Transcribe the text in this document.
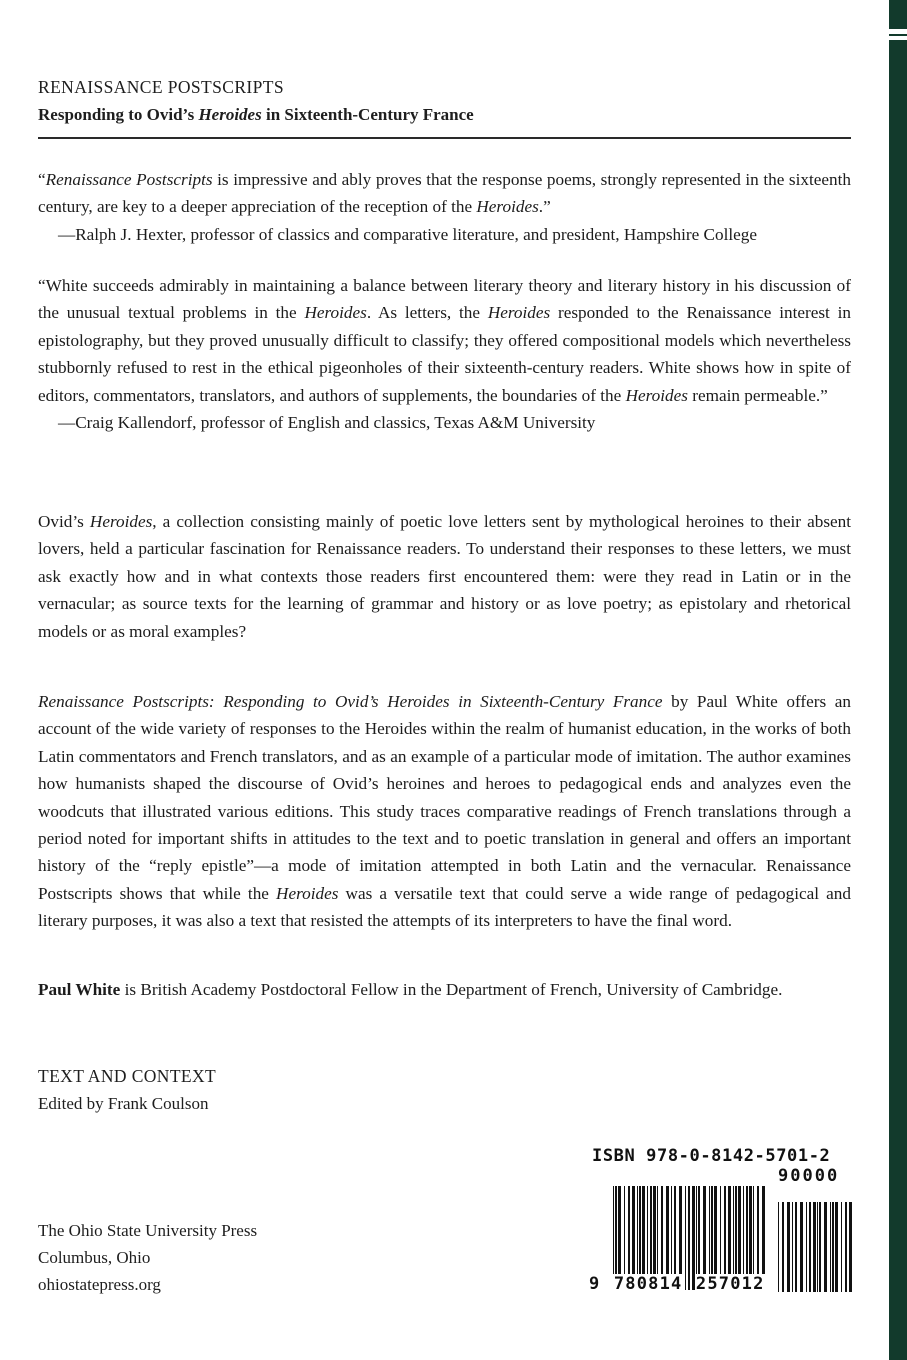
RENAISSANCE POSTSCRIPTS
Responding to Ovid’s Heroides in Sixteenth-Century France
“Renaissance Postscripts is impressive and ably proves that the response poems, strongly represented in the sixteenth century, are key to a deeper appreciation of the reception of the Heroides.”
—Ralph J. Hexter, professor of classics and comparative literature, and president, Hampshire College
“White succeeds admirably in maintaining a balance between literary theory and literary history in his discussion of the unusual textual problems in the Heroides. As letters, the Heroides responded to the Renaissance interest in epistolography, but they proved unusually difficult to classify; they offered compositional models which nevertheless stubbornly refused to rest in the ethical pigeonholes of their sixteenth-century readers. White shows how in spite of editors, commentators, translators, and authors of supplements, the boundaries of the Heroides remain permeable.”
—Craig Kallendorf, professor of English and classics, Texas A&M University
Ovid’s Heroides, a collection consisting mainly of poetic love letters sent by mythological heroines to their absent lovers, held a particular fascination for Renaissance readers. To understand their responses to these letters, we must ask exactly how and in what contexts those readers first encountered them: were they read in Latin or in the vernacular; as source texts for the learning of grammar and history or as love poetry; as epistolary and rhetorical models or as moral examples?
Renaissance Postscripts: Responding to Ovid’s Heroides in Sixteenth-Century France by Paul White offers an account of the wide variety of responses to the Heroides within the realm of humanist education, in the works of both Latin commentators and French translators, and as an example of a particular mode of imitation. The author examines how humanists shaped the discourse of Ovid’s heroines and heroes to pedagogical ends and analyzes even the woodcuts that illustrated various editions. This study traces comparative readings of French translations through a period noted for important shifts in attitudes to the text and to poetic translation in general and offers an important history of the “reply epistle”—a mode of imitation attempted in both Latin and the vernacular. Renaissance Postscripts shows that while the Heroides was a versatile text that could serve a wide range of pedagogical and literary purposes, it was also a text that resisted the attempts of its interpreters to have the final word.
Paul White is British Academy Postdoctoral Fellow in the Department of French, University of Cambridge.
TEXT AND CONTEXT
Edited by Frank Coulson
The Ohio State University Press
Columbus, Ohio
ohiostatepress.org
ISBN 978-0-8142-5701-2
90000
9 780814 257012
